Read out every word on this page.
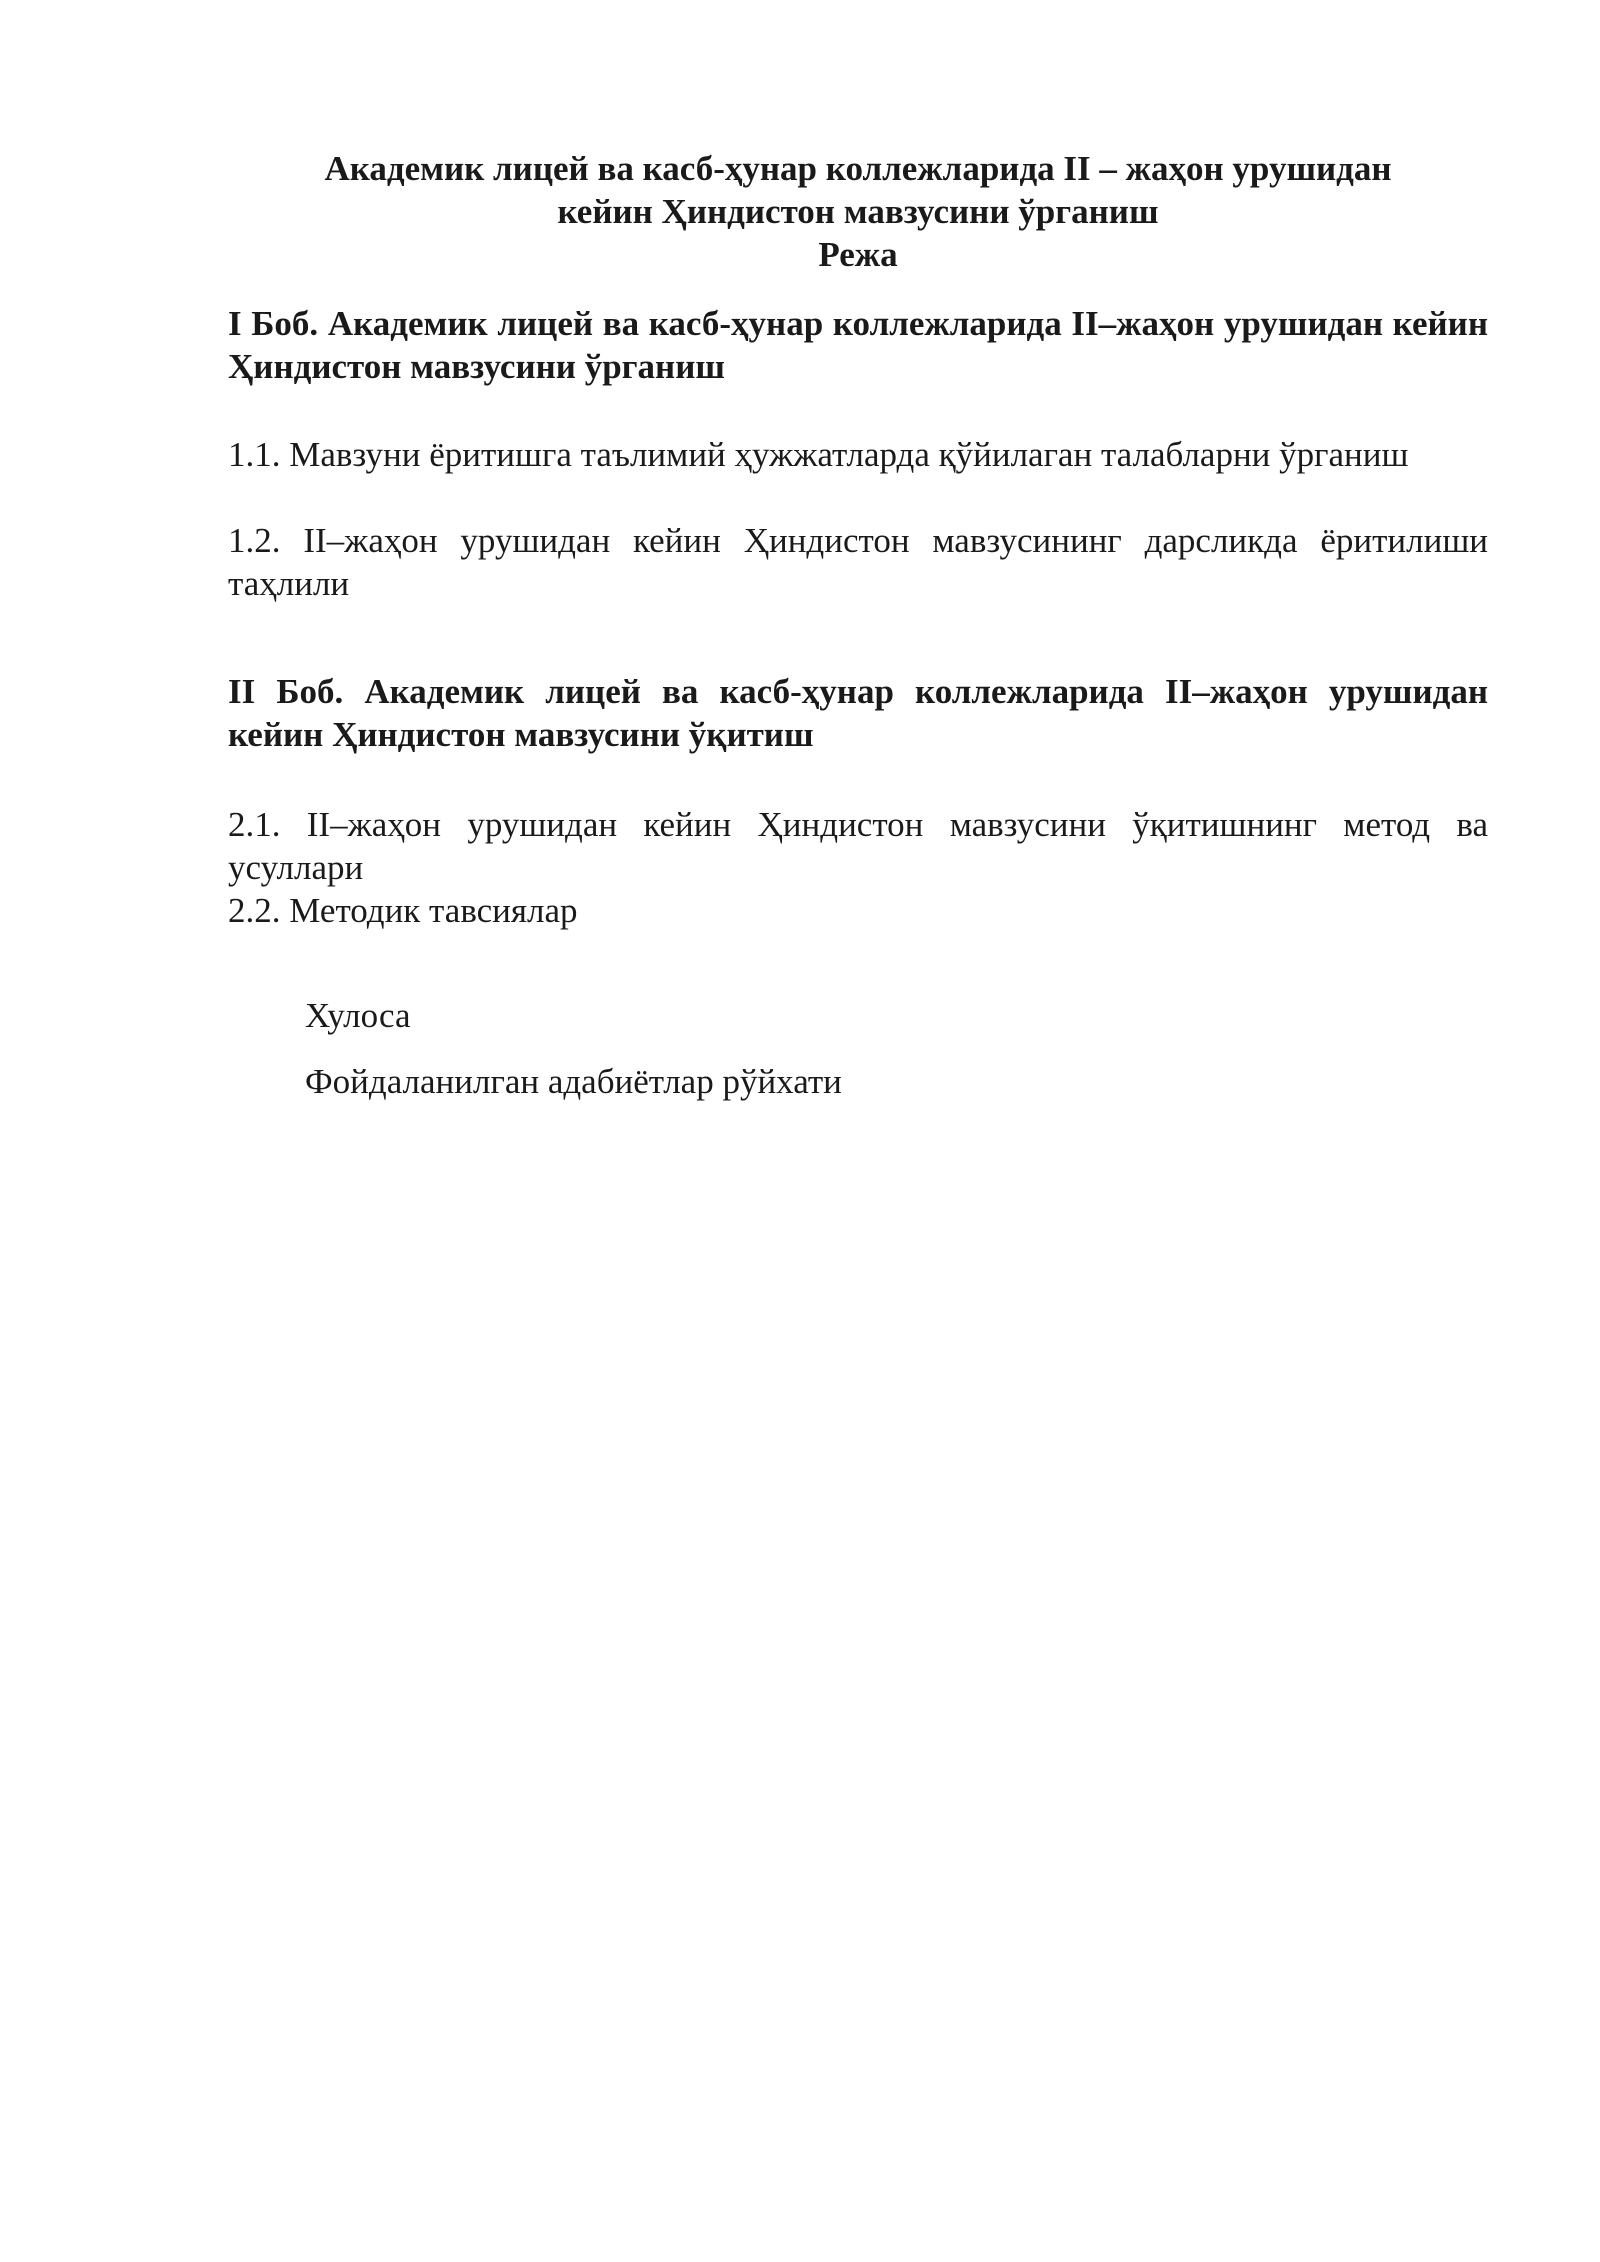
Академик лицей ва касб-ҳунар коллежларида II – жаҳон урушидан
кейин Ҳиндистон мавзусини ўрганиш
Режа
I Боб. Академик лицей ва касб-ҳунар коллежларида II–жаҳон урушидан кейин Ҳиндистон мавзусини ўрганиш
1.1. Мавзуни ёритишга таълимий ҳужжатларда қўйилаган талабларни ўрганиш
1.2. II–жаҳон урушидан кейин Ҳиндистон мавзусининг дарсликда ёритилиши таҳлили
II Боб. Академик лицей ва касб-ҳунар коллежларида II–жаҳон урушидан кейин Ҳиндистон мавзусини ўқитиш
2.1. II–жаҳон урушидан кейин Ҳиндистон мавзусини ўқитишнинг метод ва усуллари
2.2. Методик тавсиялар
Хулоса
Фойдаланилган адабиётлар рўйхати
